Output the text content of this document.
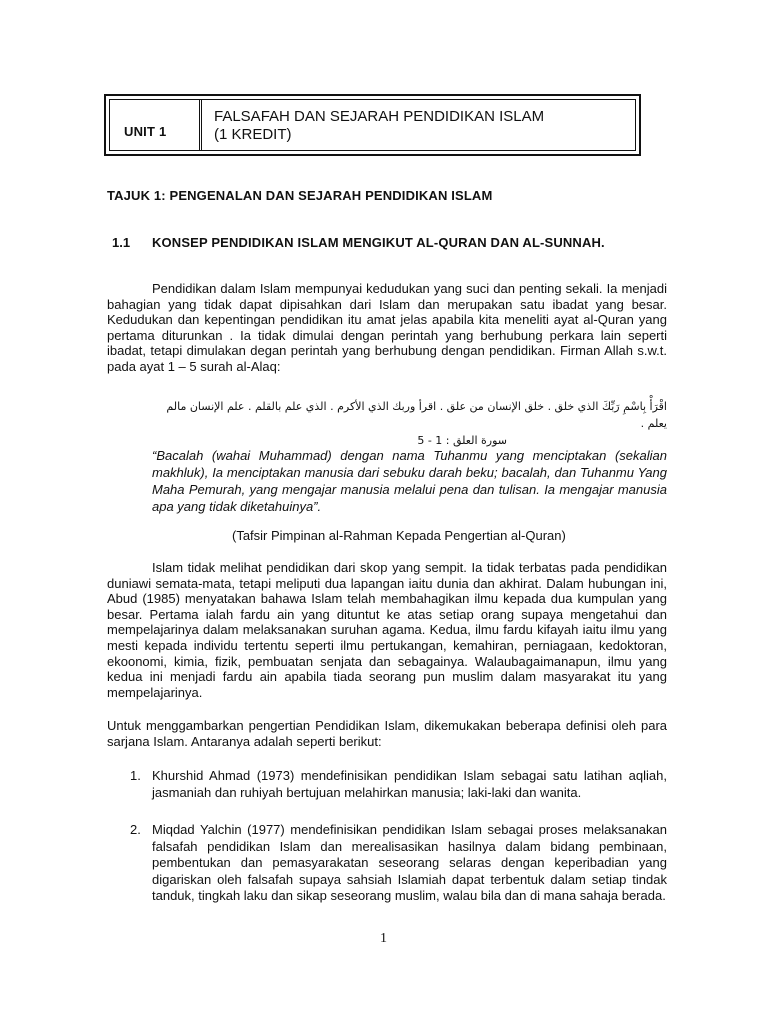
UNIT 1
FALSAFAH DAN SEJARAH PENDIDIKAN ISLAM
(1 KREDIT)
TAJUK 1: PENGENALAN DAN SEJARAH PENDIDIKAN ISLAM
1.1 KONSEP PENDIDIKAN ISLAM MENGIKUT AL-QURAN DAN AL-SUNNAH.

Pendidikan dalam Islam mempunyai kedudukan yang suci dan penting sekali. Ia menjadi bahagian yang tidak dapat dipisahkan dari Islam dan merupakan satu ibadat yang besar. Kedudukan dan kepentingan pendidikan itu amat jelas apabila kita meneliti ayat al-Quran yang pertama diturunkan . Ia tidak dimulai dengan perintah yang berhubung perkara lain seperti ibadat, tetapi dimulakan degan perintah yang berhubung dengan pendidikan. Firman Allah s.w.t. pada ayat 1 – 5 surah al-Alaq:

اقْرَأْ بِاسْمِ رَبِّكَ الذي خلق . خلق الإنسان من علق . اقرأ وربك الذي الأكرم . الذي علم بالقلم . علم الإنسان مالم يعلم .
سورة العلق : 1 - 5

“Bacalah (wahai Muhammad) dengan nama Tuhanmu yang menciptakan (sekalian makhluk), Ia menciptakan manusia dari sebuku darah beku; bacalah, dan Tuhanmu Yang Maha Pemurah, yang mengajar manusia melalui pena dan tulisan. Ia mengajar manusia apa yang tidak diketahuinya”.

(Tafsir Pimpinan al-Rahman Kepada Pengertian al-Quran)

Islam tidak melihat pendidikan dari skop yang sempit. Ia tidak terbatas pada pendidikan duniawi semata-mata, tetapi meliputi dua lapangan iaitu dunia dan akhirat. Dalam hubungan ini, Abud (1985) menyatakan bahawa Islam telah membahagikan ilmu kepada dua kumpulan yang besar. Pertama ialah fardu ain yang dituntut ke atas setiap orang supaya mengetahui dan mempelajarinya dalam melaksanakan suruhan agama. Kedua, ilmu fardu kifayah iaitu ilmu yang mesti kepada individu tertentu seperti ilmu pertukangan, kemahiran, perniagaan, kedoktoran, ekoonomi, kimia, fizik, pembuatan senjata dan sebagainya. Walaubagaimanapun, ilmu yang kedua ini menjadi fardu ain apabila tiada seorang pun muslim dalam masyarakat itu yang mempelajarinya.

Untuk menggambarkan pengertian Pendidikan Islam, dikemukakan beberapa definisi oleh para sarjana Islam. Antaranya adalah seperti berikut:

1. Khurshid Ahmad (1973) mendefinisikan pendidikan Islam sebagai satu latihan aqliah, jasmaniah dan ruhiyah bertujuan melahirkan manusia; laki-laki dan wanita.
2. Miqdad Yalchin (1977) mendefinisikan pendidikan Islam sebagai proses melaksanakan falsafah pendidikan Islam dan merealisasikan hasilnya dalam bidang pembinaan, pembentukan dan pemasyarakatan seseorang selaras dengan keperibadian yang digariskan oleh falsafah supaya sahsiah Islamiah dapat terbentuk dalam setiap tindak tanduk, tingkah laku dan sikap seseorang muslim, walau bila dan di mana sahaja berada.
1
